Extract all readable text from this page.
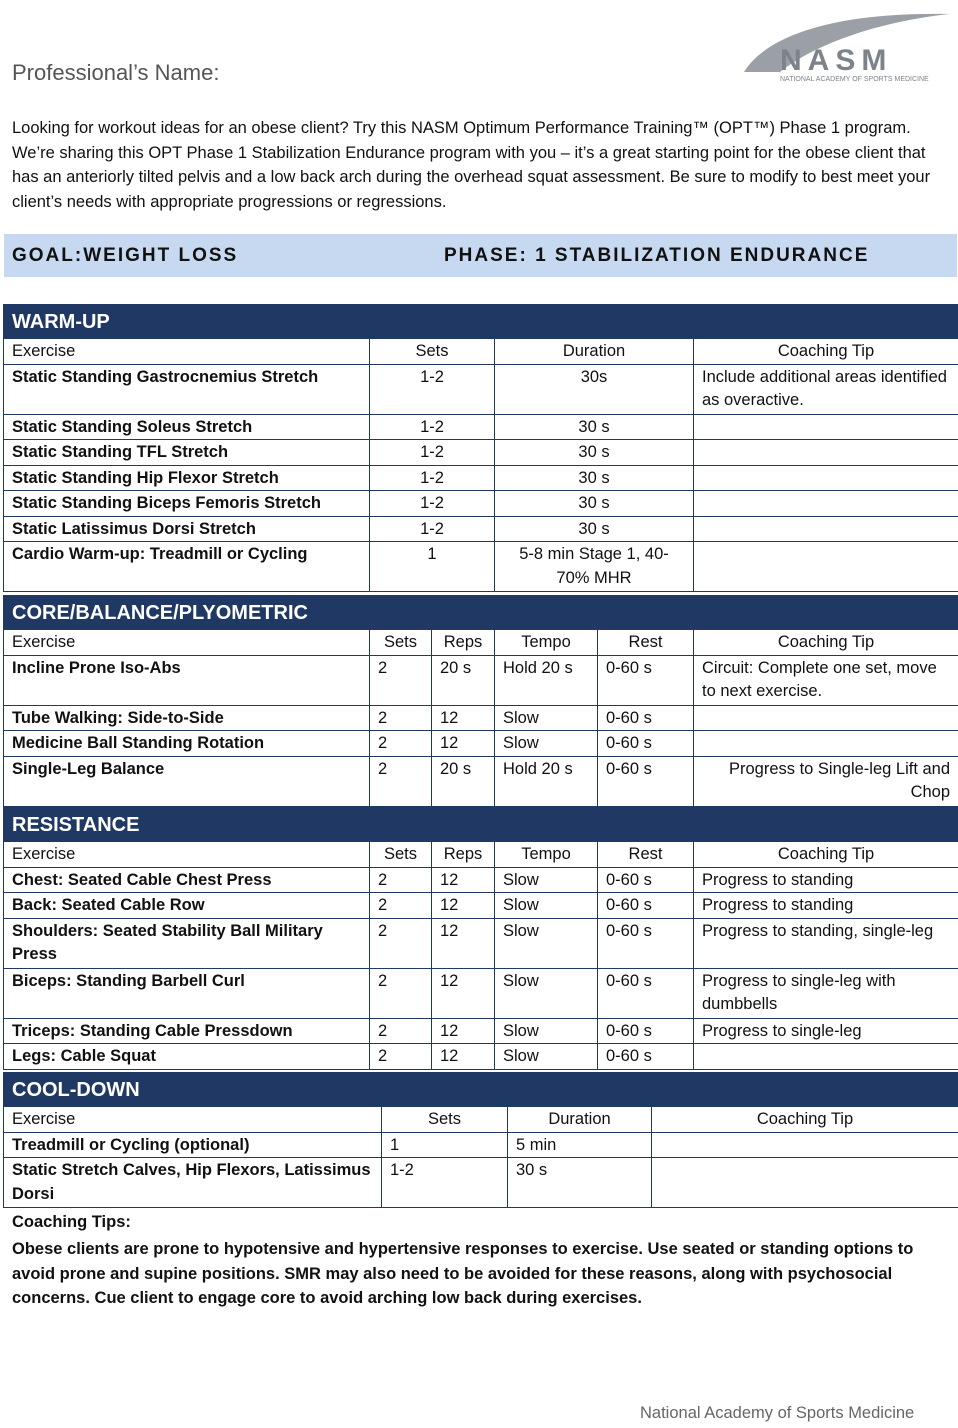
Professional’s Name:	NASM
NATIONAL ACADEMY OF SPORTS MEDICINE
Looking for workout ideas for an obese client? Try this NASM Optimum Performance Training™ (OPT™) Phase 1 program. We’re sharing this OPT Phase 1 Stabilization Endurance program with you – it’s a great starting point for the obese client that has an anteriorly tilted pelvis and a low back arch during the overhead squat assessment. Be sure to modify to best meet your client’s needs with appropriate progressions or regressions.
GOAL:WEIGHT LOSS	PHASE: 1 STABILIZATION ENDURANCE
WARM-UP			
Exercise	Sets	Duration	Coaching Tip
Static Standing Gastrocnemius Stretch	1-2	30s	Include additional areas identified as overactive.
Static Standing Soleus Stretch	1-2	30 s	
Static Standing TFL Stretch	1-2	30 s	
Static Standing Hip Flexor Stretch	1-2	30 s	
Static Standing Biceps Femoris Stretch	1-2	30 s	
Static Latissimus Dorsi Stretch	1-2	30 s	
Cardio Warm-up: Treadmill or Cycling	1	5-8 min Stage 1, 40-70% MHR	
CORE/BALANCE/PLYOMETRIC					
Exercise	Sets	Reps	Tempo	Rest	Coaching Tip
Incline Prone Iso-Abs	2	20 s	Hold 20 s	0-60 s	Circuit: Complete one set, move to next exercise.
Tube Walking: Side-to-Side	2	12	Slow	0-60 s	
Medicine Ball Standing Rotation	2	12	Slow	0-60 s	
Single-Leg Balance	2	20 s	Hold 20 s	0-60 s	Progress to Single-leg Lift and Chop
RESISTANCE					
Exercise	Sets	Reps	Tempo	Rest	Coaching Tip
Chest: Seated Cable Chest Press	2	12	Slow	0-60 s	Progress to standing
Back: Seated Cable Row	2	12	Slow	0-60 s	Progress to standing
Shoulders: Seated Stability Ball Military Press	2	12	Slow	0-60 s	Progress to standing, single-leg
Biceps: Standing Barbell Curl	2	12	Slow	0-60 s	Progress to single-leg with dumbbells
Triceps: Standing Cable Pressdown	2	12	Slow	0-60 s	Progress to single-leg
Legs: Cable Squat	2	12	Slow	0-60 s	
COOL-DOWN			
Exercise	Sets	Duration	Coaching Tip
Treadmill or Cycling (optional)	1	5 min	
Static Stretch Calves, Hip Flexors, Latissimus Dorsi	1-2	30 s	
Coaching Tips:
Obese clients are prone to hypotensive and hypertensive responses to exercise. Use seated or standing options to avoid prone and supine positions. SMR may also need to be avoided for these reasons, along with psychosocial concerns. Cue client to engage core to avoid arching low back during exercises.
National Academy of Sports Medicine
